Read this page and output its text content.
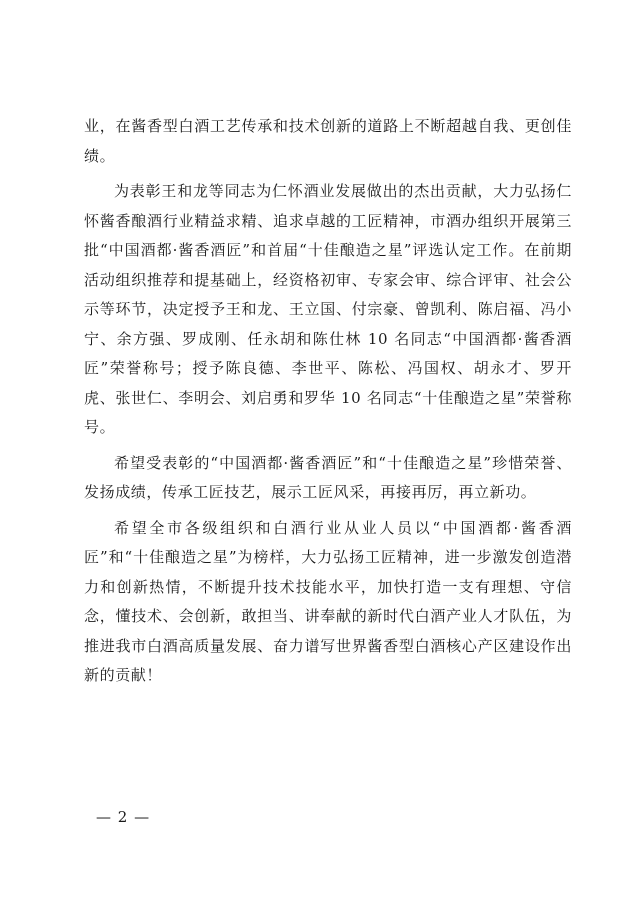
业，在酱香型白酒工艺传承和技术创新的道路上不断超越自我、更创佳绩。

为表彰王和龙等同志为仁怀酒业发展做出的杰出贡献，大力弘扬仁怀酱香酿酒行业精益求精、追求卓越的工匠精神，市酒办组织开展第三批“中国酒都·酱香酒匠”和首届“十佳酿造之星”评选认定工作。在前期活动组织推荐和提基础上，经资格初审、专家会审、综合评审、社会公示等环节，决定授予王和龙、王立国、付宗豪、曾凯利、陈启福、冯小宁、余方强、罗成刚、任永胡和陈仕林 10 名同志“中国酒都·酱香酒匠”荣誉称号；授予陈良德、李世平、陈松、冯国权、胡永才、罗开虎、张世仁、李明会、刘启勇和罗华 10 名同志“十佳酿造之星”荣誉称号。

希望受表彰的“中国酒都·酱香酒匠”和“十佳酿造之星”珍惜荣誉、发扬成绩，传承工匠技艺，展示工匠风采，再接再厉，再立新功。

希望全市各级组织和白酒行业从业人员以“中国酒都·酱香酒匠”和“十佳酿造之星”为榜样，大力弘扬工匠精神，进一步激发创造潜力和创新热情，不断提升技术技能水平，加快打造一支有理想、守信念，懂技术、会创新，敢担当、讲奉献的新时代白酒产业人才队伍，为推进我市白酒高质量发展、奋力谱写世界酱香型白酒核心产区建设作出新的贡献！

— 2 —
